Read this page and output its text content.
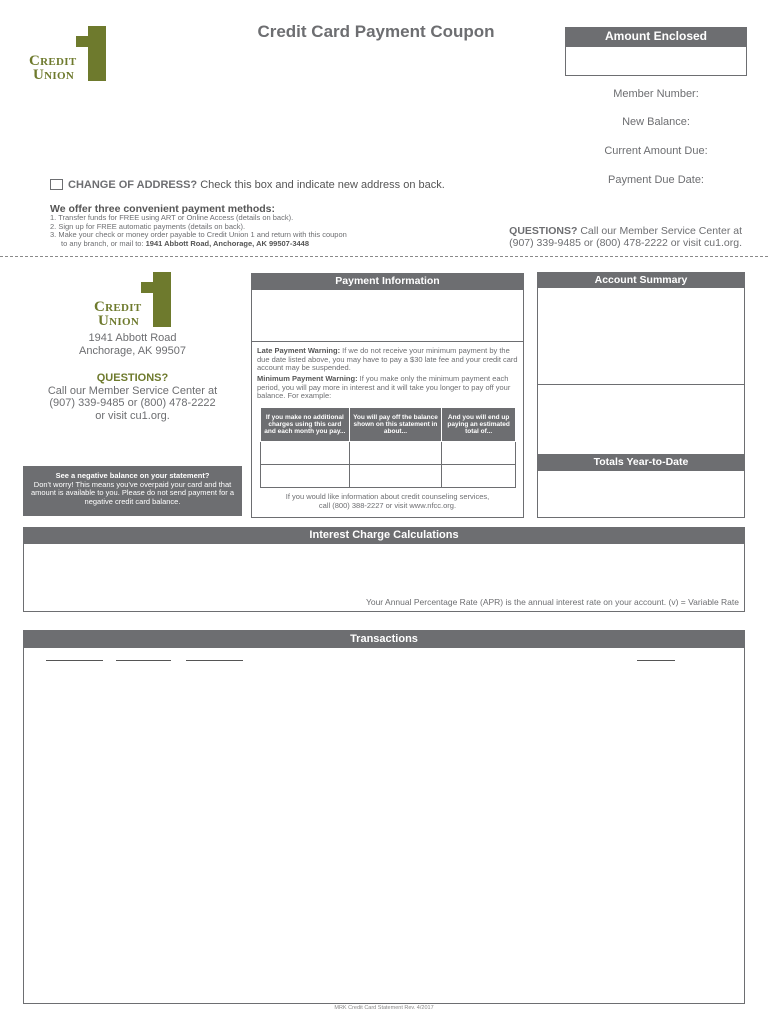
Credit
Union
Credit Card Payment Coupon	Amount Enclosed
Member Number:
New Balance:
Current Amount Due:
Payment Due Date:
CHANGE OF ADDRESS? Check this box and indicate new address on back.
We offer three convenient payment methods:
1. Transfer funds for FREE using ART or Online Access (details on back).
2. Sign up for FREE automatic payments (details on back).
3. Make your check or money order payable to Credit Union 1 and return with this coupon
to any branch, or mail to: 1941 Abbott Road, Anchorage, AK 99507-3448
QUESTIONS? Call our Member Service Center at
(907) 339-9485 or (800) 478-2222 or visit cu1.org.
Credit
Union
1941 Abbott Road
Anchorage, AK 99507
QUESTIONS?
Call our Member Service Center at
(907) 339-9485 or (800) 478-2222
or visit cu1.org.
See a negative balance on your statement?
Don't worry! This means you've overpaid your card and that amount is available to you. Please do not send payment for a negative credit card balance.
Payment Information
Late Payment Warning: If we do not receive your minimum payment by the due date listed above, you may have to pay a $30 late fee and your credit card account may be suspended.
Minimum Payment Warning: If you make only the minimum payment each period, you will pay more in interest and it will take you longer to pay off your balance. For example:
If you make no additional charges using this card and each month you pay...	You will pay off the balance shown on this statement in about...	And you will end up paying an estimated total of...

If you would like information about credit counseling services,
call (800) 388-2227 or visit www.nfcc.org.
Account Summary
Totals Year-to-Date
Interest Charge Calculations
Your Annual Percentage Rate (APR) is the annual interest rate on your account. (v) = Variable Rate
Transactions
MRK Credit Card Statement Rev. 4/2017
